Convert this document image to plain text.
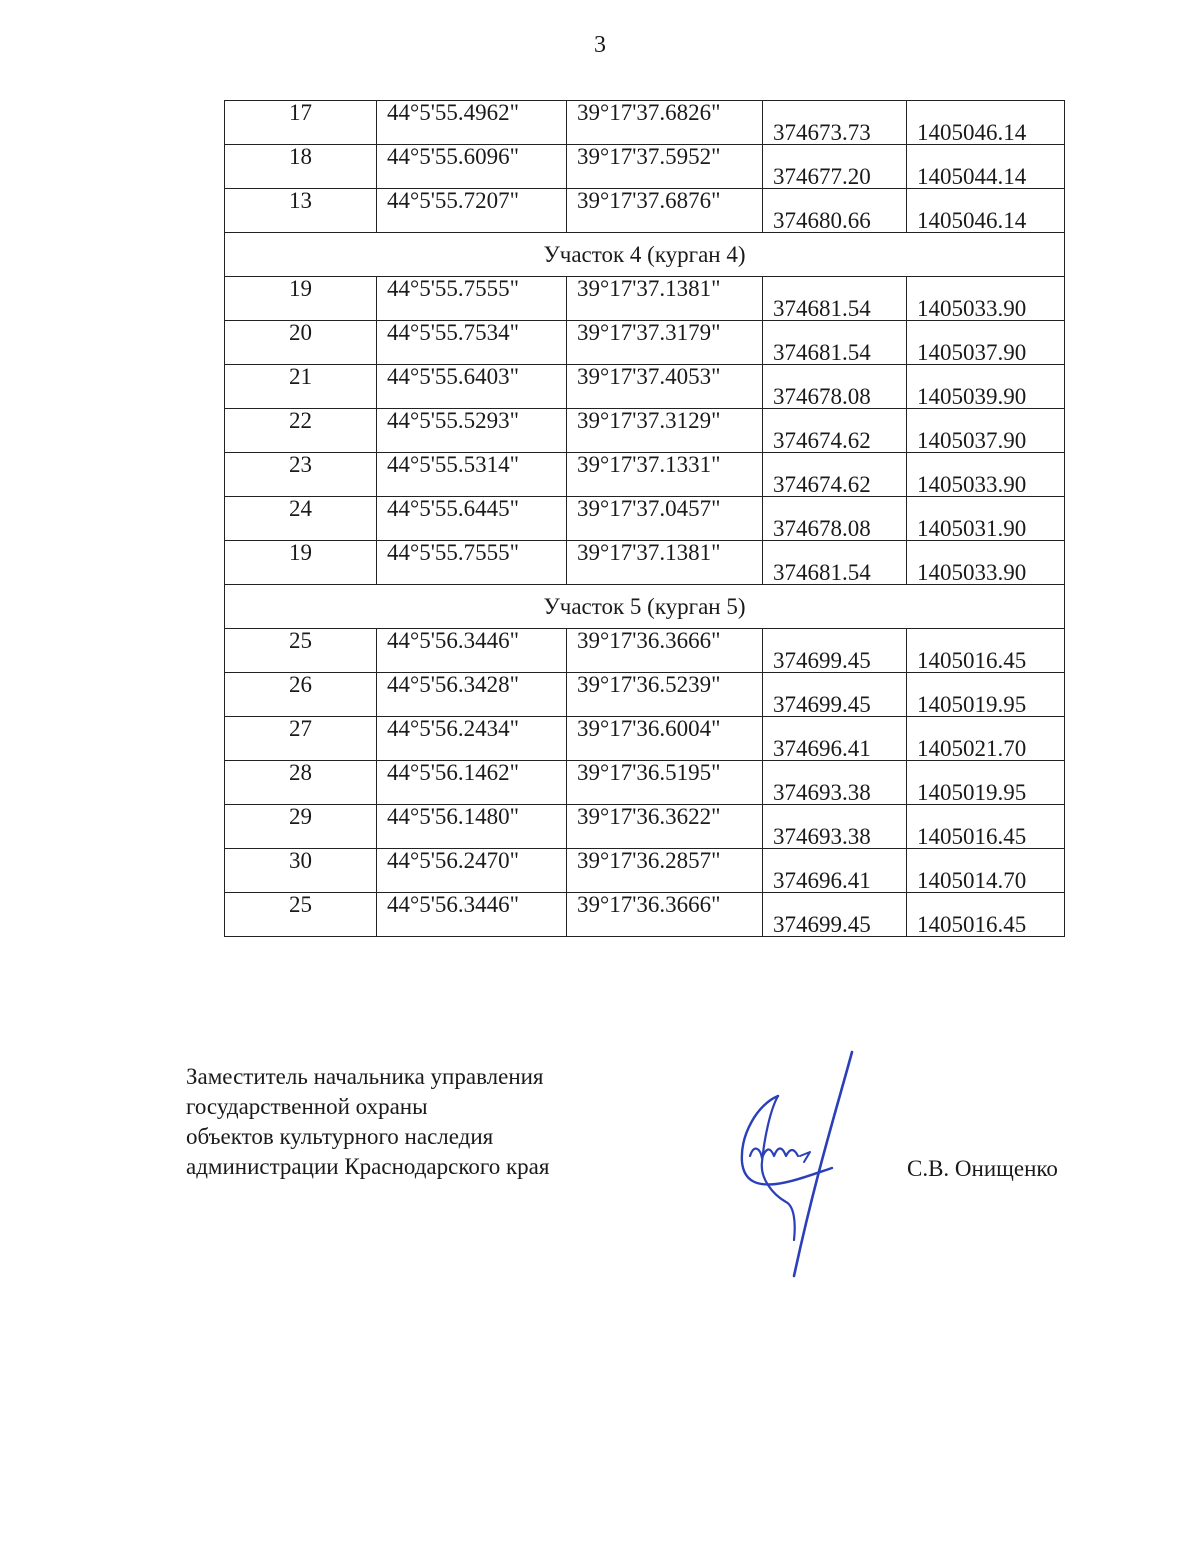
3
17	44°5'55.4962"	39°17'37.6826"	374673.73	1405046.14
18	44°5'55.6096"	39°17'37.5952"	374677.20	1405044.14
13	44°5'55.7207"	39°17'37.6876"	374680.66	1405046.14
Участок 4 (курган 4)				
19	44°5'55.7555"	39°17'37.1381"	374681.54	1405033.90
20	44°5'55.7534"	39°17'37.3179"	374681.54	1405037.90
21	44°5'55.6403"	39°17'37.4053"	374678.08	1405039.90
22	44°5'55.5293"	39°17'37.3129"	374674.62	1405037.90
23	44°5'55.5314"	39°17'37.1331"	374674.62	1405033.90
24	44°5'55.6445"	39°17'37.0457"	374678.08	1405031.90
19	44°5'55.7555"	39°17'37.1381"	374681.54	1405033.90
Участок 5 (курган 5)				
25	44°5'56.3446"	39°17'36.3666"	374699.45	1405016.45
26	44°5'56.3428"	39°17'36.5239"	374699.45	1405019.95
27	44°5'56.2434"	39°17'36.6004"	374696.41	1405021.70
28	44°5'56.1462"	39°17'36.5195"	374693.38	1405019.95
29	44°5'56.1480"	39°17'36.3622"	374693.38	1405016.45
30	44°5'56.2470"	39°17'36.2857"	374696.41	1405014.70
25	44°5'56.3446"	39°17'36.3666"	374699.45	1405016.45
Заместитель начальника управления
государственной охраны
объектов культурного наследия
администрации Краснодарского края	С.В. Онищенко
